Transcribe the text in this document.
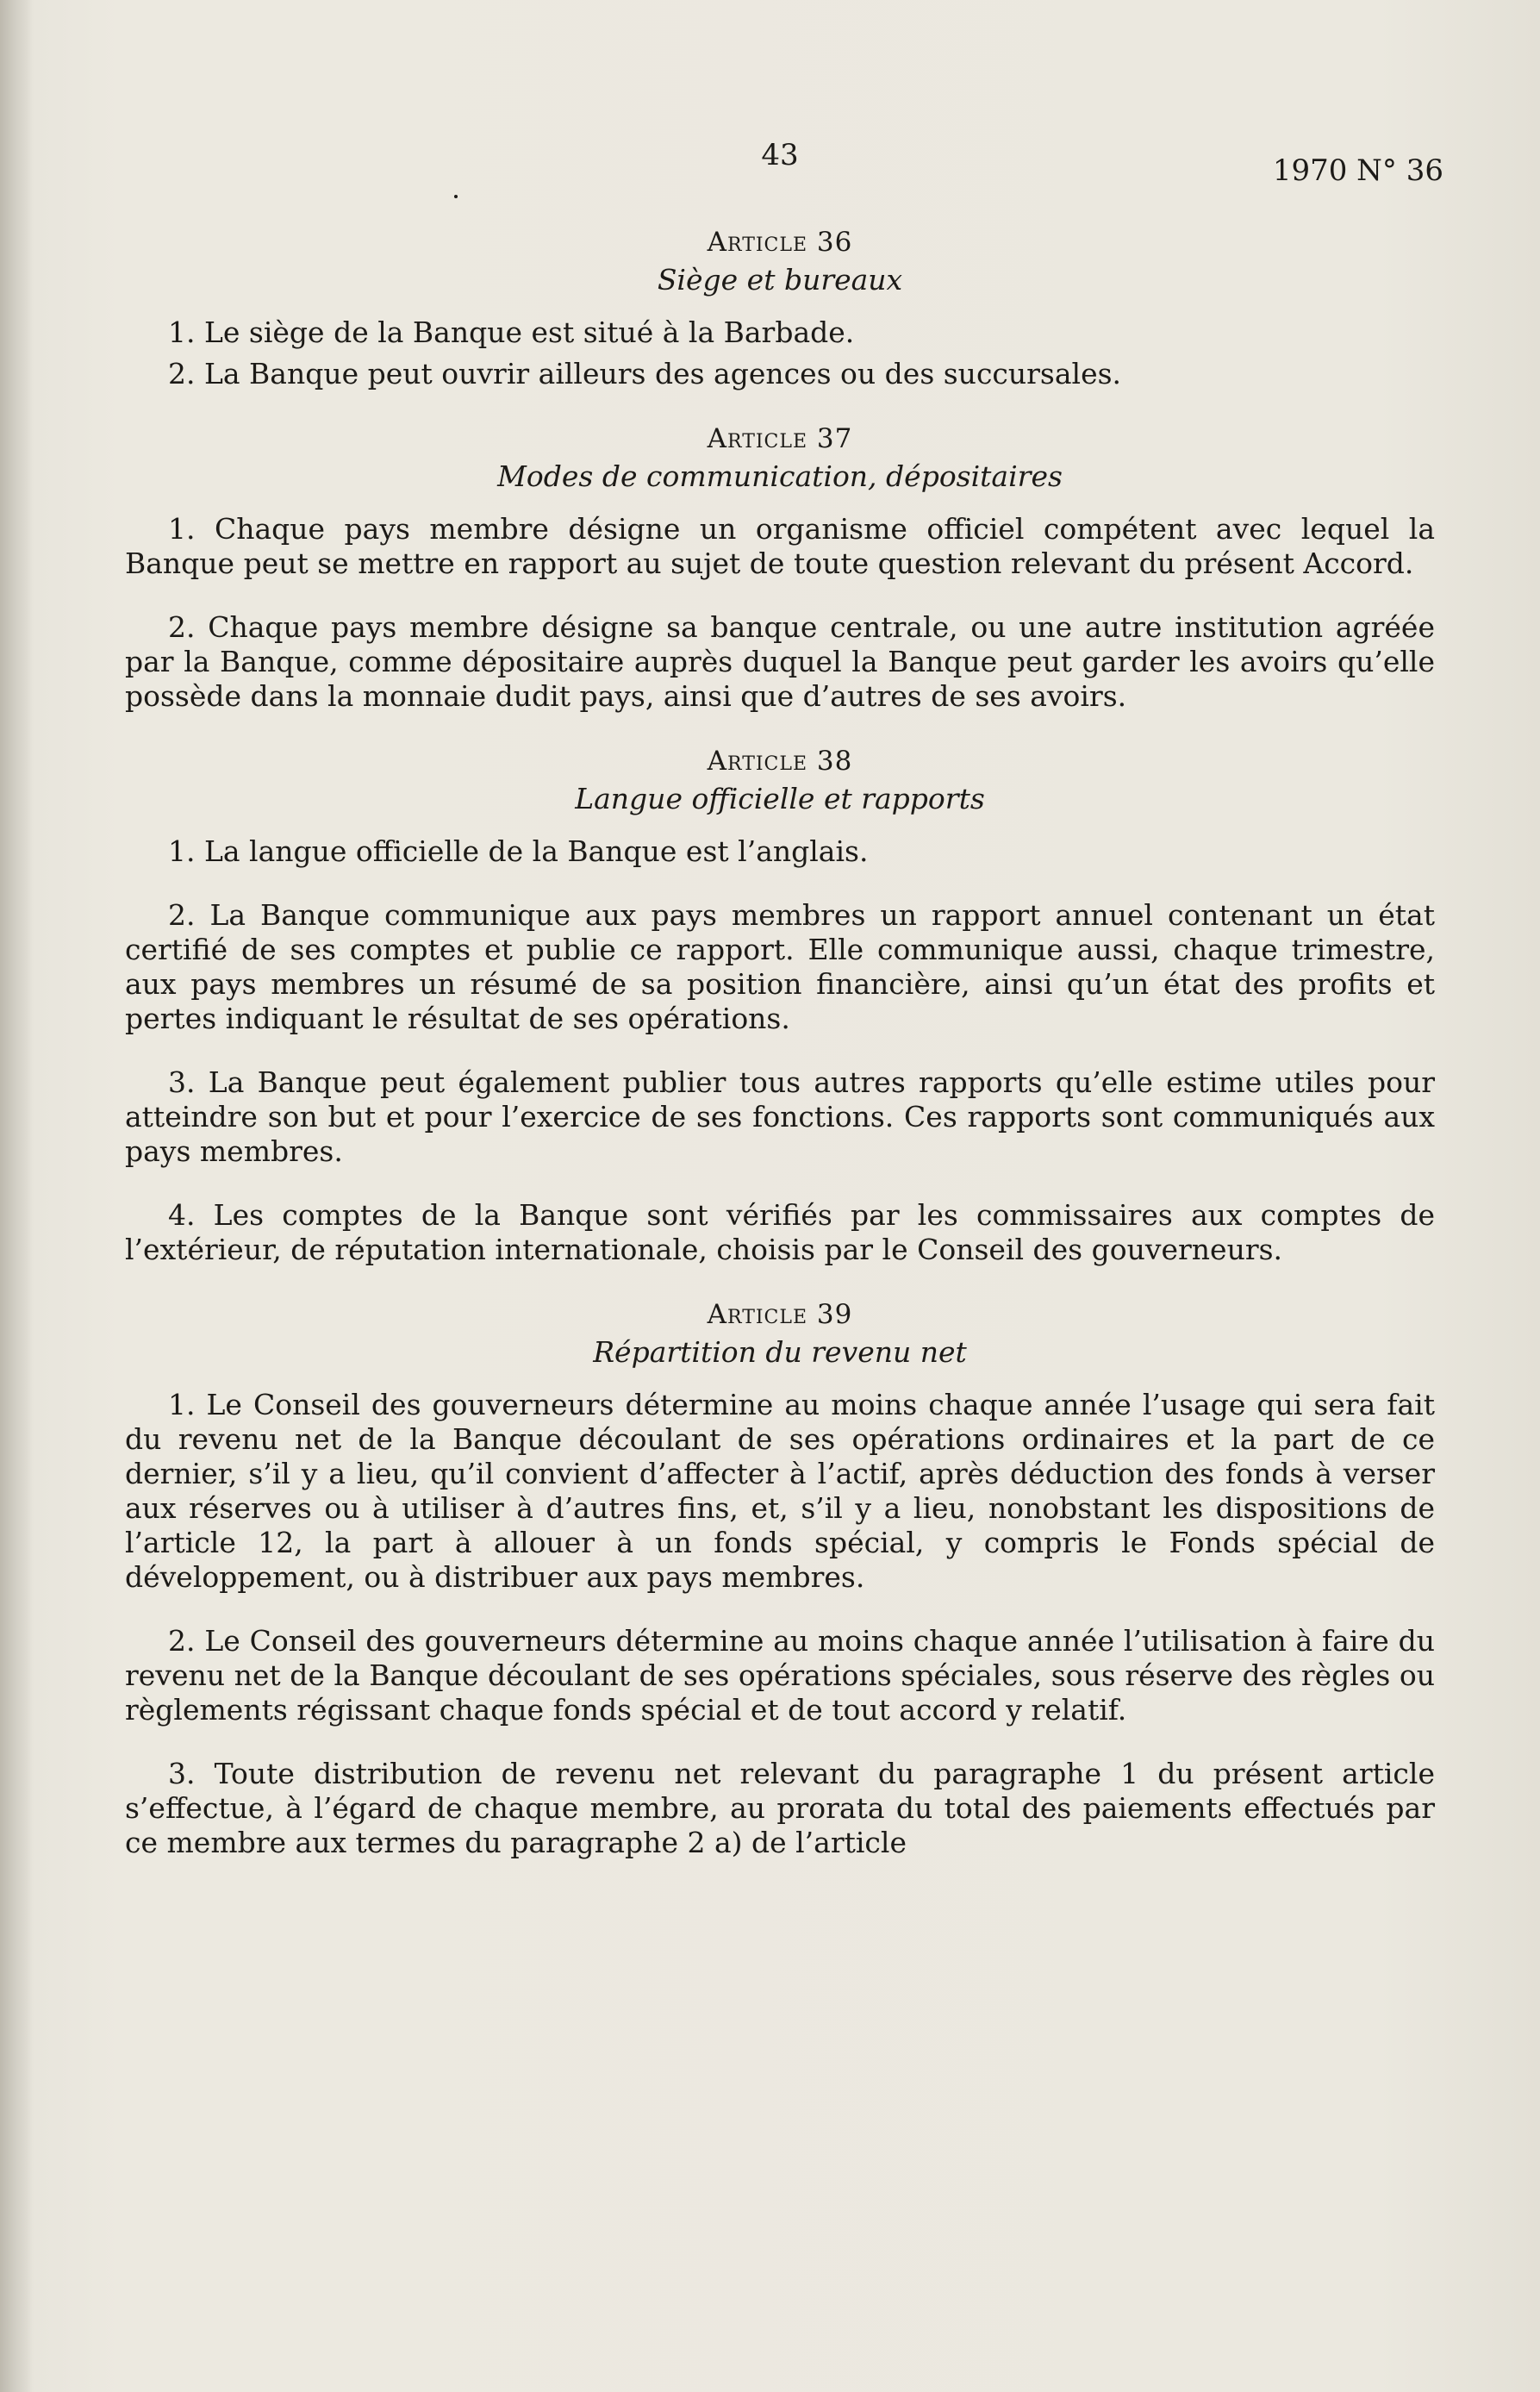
43	1970 N° 36
Article 36
Siège et bureaux

1. Le siège de la Banque est situé à la Barbade.

2. La Banque peut ouvrir ailleurs des agences ou des succursales.

Article 37
Modes de communication, dépositaires

1. Chaque pays membre désigne un organisme officiel compétent avec lequel la Banque peut se mettre en rapport au sujet de toute question relevant du présent Accord.

2. Chaque pays membre désigne sa banque centrale, ou une autre institution agréée par la Banque, comme dépositaire auprès duquel la Banque peut garder les avoirs qu’elle possède dans la monnaie dudit pays, ainsi que d’autres de ses avoirs.

Article 38
Langue officielle et rapports

1. La langue officielle de la Banque est l’anglais.

2. La Banque communique aux pays membres un rapport annuel contenant un état certifié de ses comptes et publie ce rapport. Elle communique aussi, chaque trimestre, aux pays membres un résumé de sa position financière, ainsi qu’un état des profits et pertes indiquant le résultat de ses opérations.

3. La Banque peut également publier tous autres rapports qu’elle estime utiles pour atteindre son but et pour l’exercice de ses fonctions. Ces rapports sont communiqués aux pays membres.

4. Les comptes de la Banque sont vérifiés par les commissaires aux comptes de l’extérieur, de réputation internationale, choisis par le Conseil des gouverneurs.

Article 39
Répartition du revenu net

1. Le Conseil des gouverneurs détermine au moins chaque année l’usage qui sera fait du revenu net de la Banque découlant de ses opérations ordinaires et la part de ce dernier, s’il y a lieu, qu’il convient d’affecter à l’actif, après déduction des fonds à verser aux réserves ou à utiliser à d’autres fins, et, s’il y a lieu, nonobstant les dispositions de l’article 12, la part à allouer à un fonds spécial, y compris le Fonds spécial de développement, ou à distribuer aux pays membres.

2. Le Conseil des gouverneurs détermine au moins chaque année l’utilisation à faire du revenu net de la Banque découlant de ses opérations spéciales, sous réserve des règles ou règlements régissant chaque fonds spécial et de tout accord y relatif.

3. Toute distribution de revenu net relevant du paragraphe 1 du présent article s’effectue, à l’égard de chaque membre, au prorata du total des paiements effectués par ce membre aux termes du paragraphe 2 a) de l’article
